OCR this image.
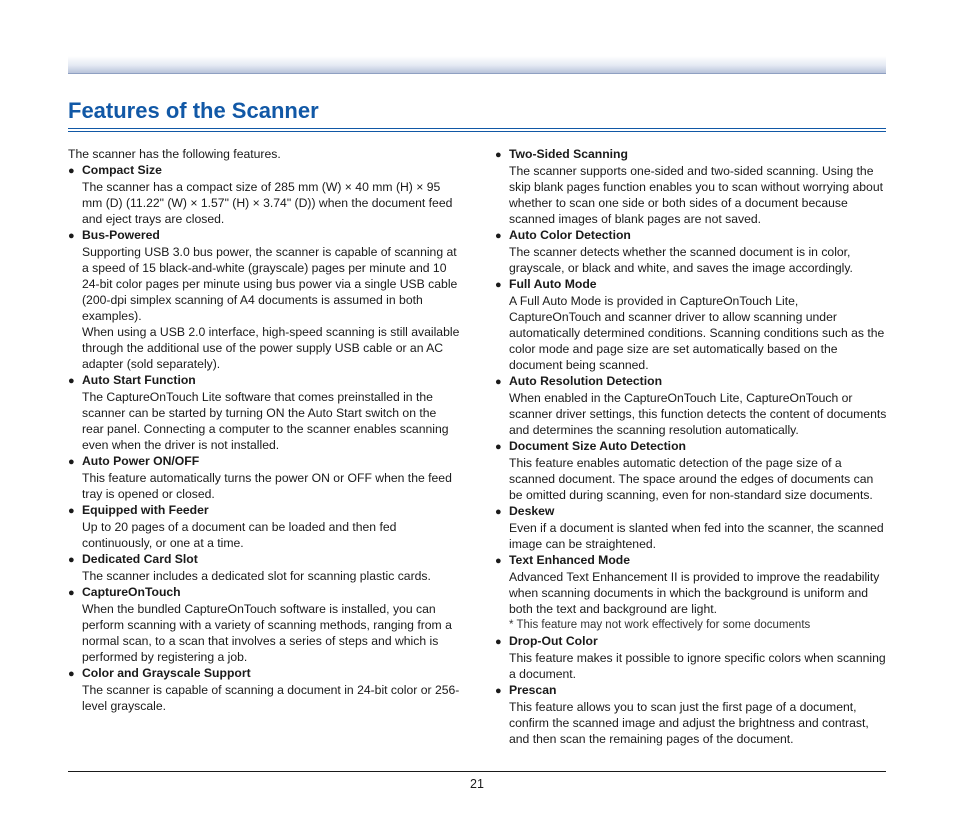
Features of the Scanner

The scanner has the following features.

● Compact Size

The scanner has a compact size of 285 mm (W) × 40 mm (H) × 95 mm (D) (11.22" (W) × 1.57" (H) × 3.74" (D)) when the document feed and eject trays are closed.

● Bus-Powered

Supporting USB 3.0 bus power, the scanner is capable of scanning at a speed of 15 black-and-white (grayscale) pages per minute and 10 24-bit color pages per minute using bus power via a single USB cable (200-dpi simplex scanning of A4 documents is assumed in both examples).

When using a USB 2.0 interface, high-speed scanning is still available through the additional use of the power supply USB cable or an AC adapter (sold separately).

● Auto Start Function

The CaptureOnTouch Lite software that comes preinstalled in the scanner can be started by turning ON the Auto Start switch on the rear panel. Connecting a computer to the scanner enables scanning even when the driver is not installed.

● Auto Power ON/OFF

This feature automatically turns the power ON or OFF when the feed tray is opened or closed.

● Equipped with Feeder

Up to 20 pages of a document can be loaded and then fed continuously, or one at a time.

● Dedicated Card Slot

The scanner includes a dedicated slot for scanning plastic cards.

● CaptureOnTouch

When the bundled CaptureOnTouch software is installed, you can perform scanning with a variety of scanning methods, ranging from a normal scan, to a scan that involves a series of steps and which is performed by registering a job.

● Color and Grayscale Support

The scanner is capable of scanning a document in 24-bit color or 256-level grayscale.

● Two-Sided Scanning

The scanner supports one-sided and two-sided scanning. Using the skip blank pages function enables you to scan without worrying about whether to scan one side or both sides of a document because scanned images of blank pages are not saved.

● Auto Color Detection

The scanner detects whether the scanned document is in color, grayscale, or black and white, and saves the image accordingly.

● Full Auto Mode

A Full Auto Mode is provided in CaptureOnTouch Lite, CaptureOnTouch and scanner driver to allow scanning under automatically determined conditions. Scanning conditions such as the color mode and page size are set automatically based on the document being scanned.

● Auto Resolution Detection

When enabled in the CaptureOnTouch Lite, CaptureOnTouch or scanner driver settings, this function detects the content of documents and determines the scanning resolution automatically.

● Document Size Auto Detection

This feature enables automatic detection of the page size of a scanned document. The space around the edges of documents can be omitted during scanning, even for non-standard size documents.

● Deskew

Even if a document is slanted when fed into the scanner, the scanned image can be straightened.

● Text Enhanced Mode

Advanced Text Enhancement II is provided to improve the readability when scanning documents in which the background is uniform and both the text and background are light.

* This feature may not work effectively for some documents

● Drop-Out Color

This feature makes it possible to ignore specific colors when scanning a document.

● Prescan

This feature allows you to scan just the first page of a document, confirm the scanned image and adjust the brightness and contrast, and then scan the remaining pages of the document.

21
